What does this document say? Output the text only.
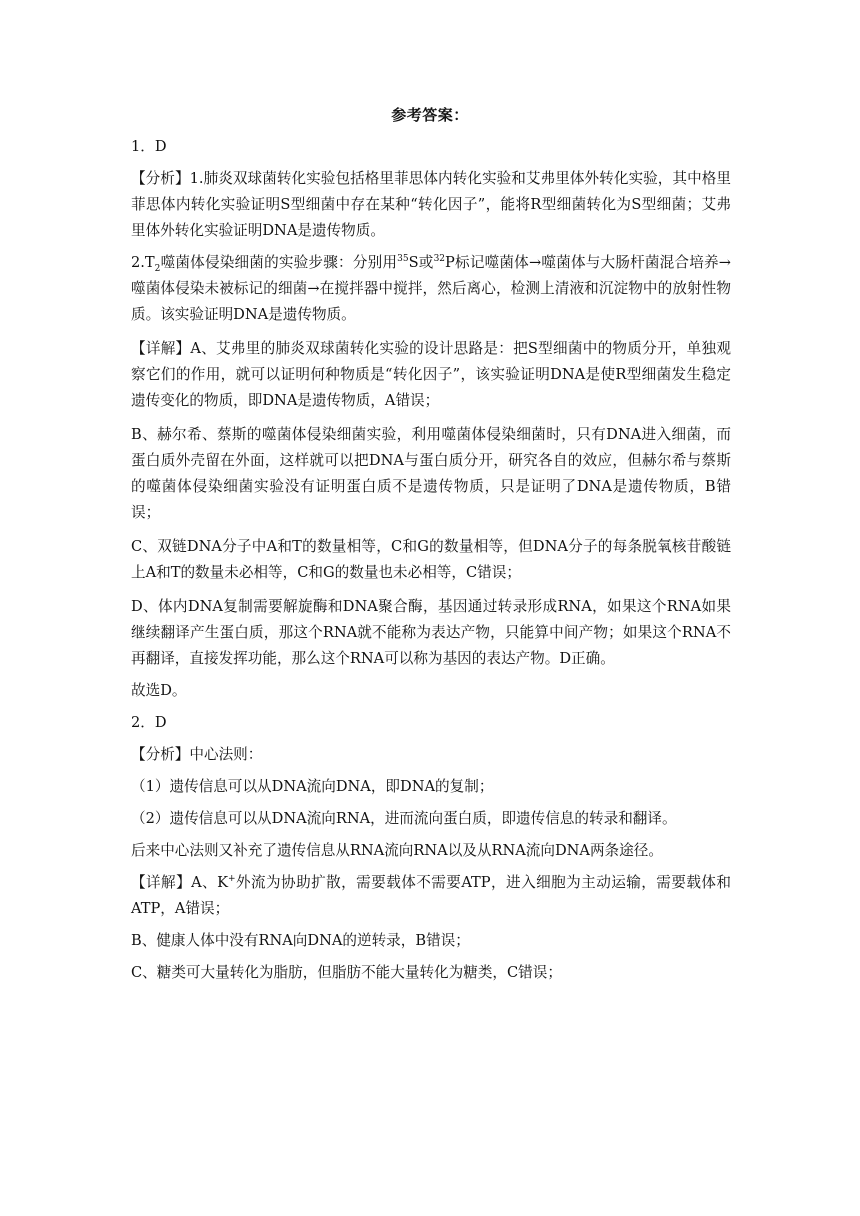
参考答案：

1．D

【分析】1.肺炎双球菌转化实验包括格里菲思体内转化实验和艾弗里体外转化实验，其中格里菲思体内转化实验证明S型细菌中存在某种“转化因子”，能将R型细菌转化为S型细菌；艾弗里体外转化实验证明DNA是遗传物质。

$2.T_2$噬菌体侵染细菌的实验步骤：分别用$^{35}$S或$^{32}$P标记噬菌体→噬菌体与大肠杆菌混合培养→噬菌体侵染未被标记的细菌→在搅拌器中搅拌，然后离心，检测上清液和沉淀物中的放射性物质。该实验证明DNA是遗传物质。

【详解】A、艾弗里的肺炎双球菌转化实验的设计思路是：把S型细菌中的物质分开，单独观察它们的作用，就可以证明何种物质是“转化因子”，该实验证明DNA是使R型细菌发生稳定遗传变化的物质，即DNA是遗传物质，A错误；

B、赫尔希、蔡斯的噬菌体侵染细菌实验，利用噬菌体侵染细菌时，只有DNA进入细菌，而蛋白质外壳留在外面，这样就可以把DNA与蛋白质分开，研究各自的效应，但赫尔希与蔡斯的噬菌体侵染细菌实验没有证明蛋白质不是遗传物质，只是证明了DNA是遗传物质，B错误；

C、双链DNA分子中A和T的数量相等，C和G的数量相等，但DNA分子的每条脱氧核苷酸链上A和T的数量未必相等，C和G的数量也未必相等，C错误；

D、体内DNA复制需要解旋酶和DNA聚合酶，基因通过转录形成RNA，如果这个RNA如果继续翻译产生蛋白质，那这个RNA就不能称为表达产物，只能算中间产物；如果这个RNA不再翻译，直接发挥功能，那么这个RNA可以称为基因的表达产物。D正确。

故选D。

2．D

【分析】中心法则：

（1）遗传信息可以从DNA流向DNA，即DNA的复制；

（2）遗传信息可以从DNA流向RNA，进而流向蛋白质，即遗传信息的转录和翻译。

后来中心法则又补充了遗传信息从RNA流向RNA以及从RNA流向DNA两条途径。

【详解】A、K+外流为协助扩散，需要载体不需要ATP，进入细胞为主动运输，需要载体和ATP，A错误；

B、健康人体中没有RNA向DNA的逆转录，B错误；

C、糖类可大量转化为脂肪，但脂肪不能大量转化为糖类，C错误；
